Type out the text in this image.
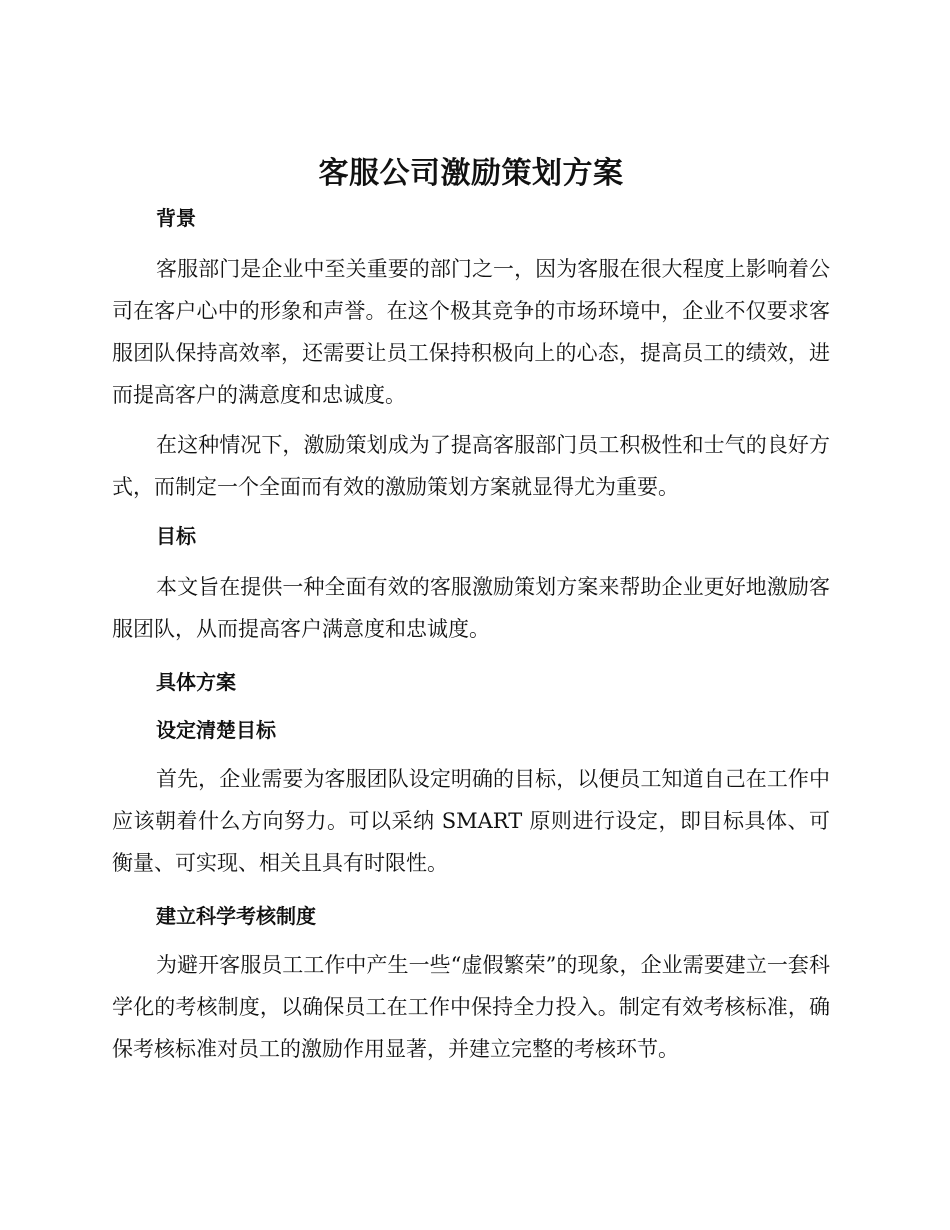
客服公司激励策划方案
背景

客服部门是企业中至关重要的部门之一，因为客服在很大程度上影响着公司在客户心中的形象和声誉。在这个极其竞争的市场环境中，企业不仅要求客服团队保持高效率，还需要让员工保持积极向上的心态，提高员工的绩效，进而提高客户的满意度和忠诚度。

在这种情况下，激励策划成为了提高客服部门员工积极性和士气的良好方式，而制定一个全面而有效的激励策划方案就显得尤为重要。

目标

本文旨在提供一种全面有效的客服激励策划方案来帮助企业更好地激励客服团队，从而提高客户满意度和忠诚度。

具体方案
设定清楚目标

首先，企业需要为客服团队设定明确的目标，以便员工知道自己在工作中应该朝着什么方向努力。可以采纳 SMART 原则进行设定，即目标具体、可衡量、可实现、相关且具有时限性。

建立科学考核制度

为避开客服员工工作中产生一些“虚假繁荣”的现象，企业需要建立一套科学化的考核制度，以确保员工在工作中保持全力投入。制定有效考核标准，确保考核标准对员工的激励作用显著，并建立完整的考核环节。
